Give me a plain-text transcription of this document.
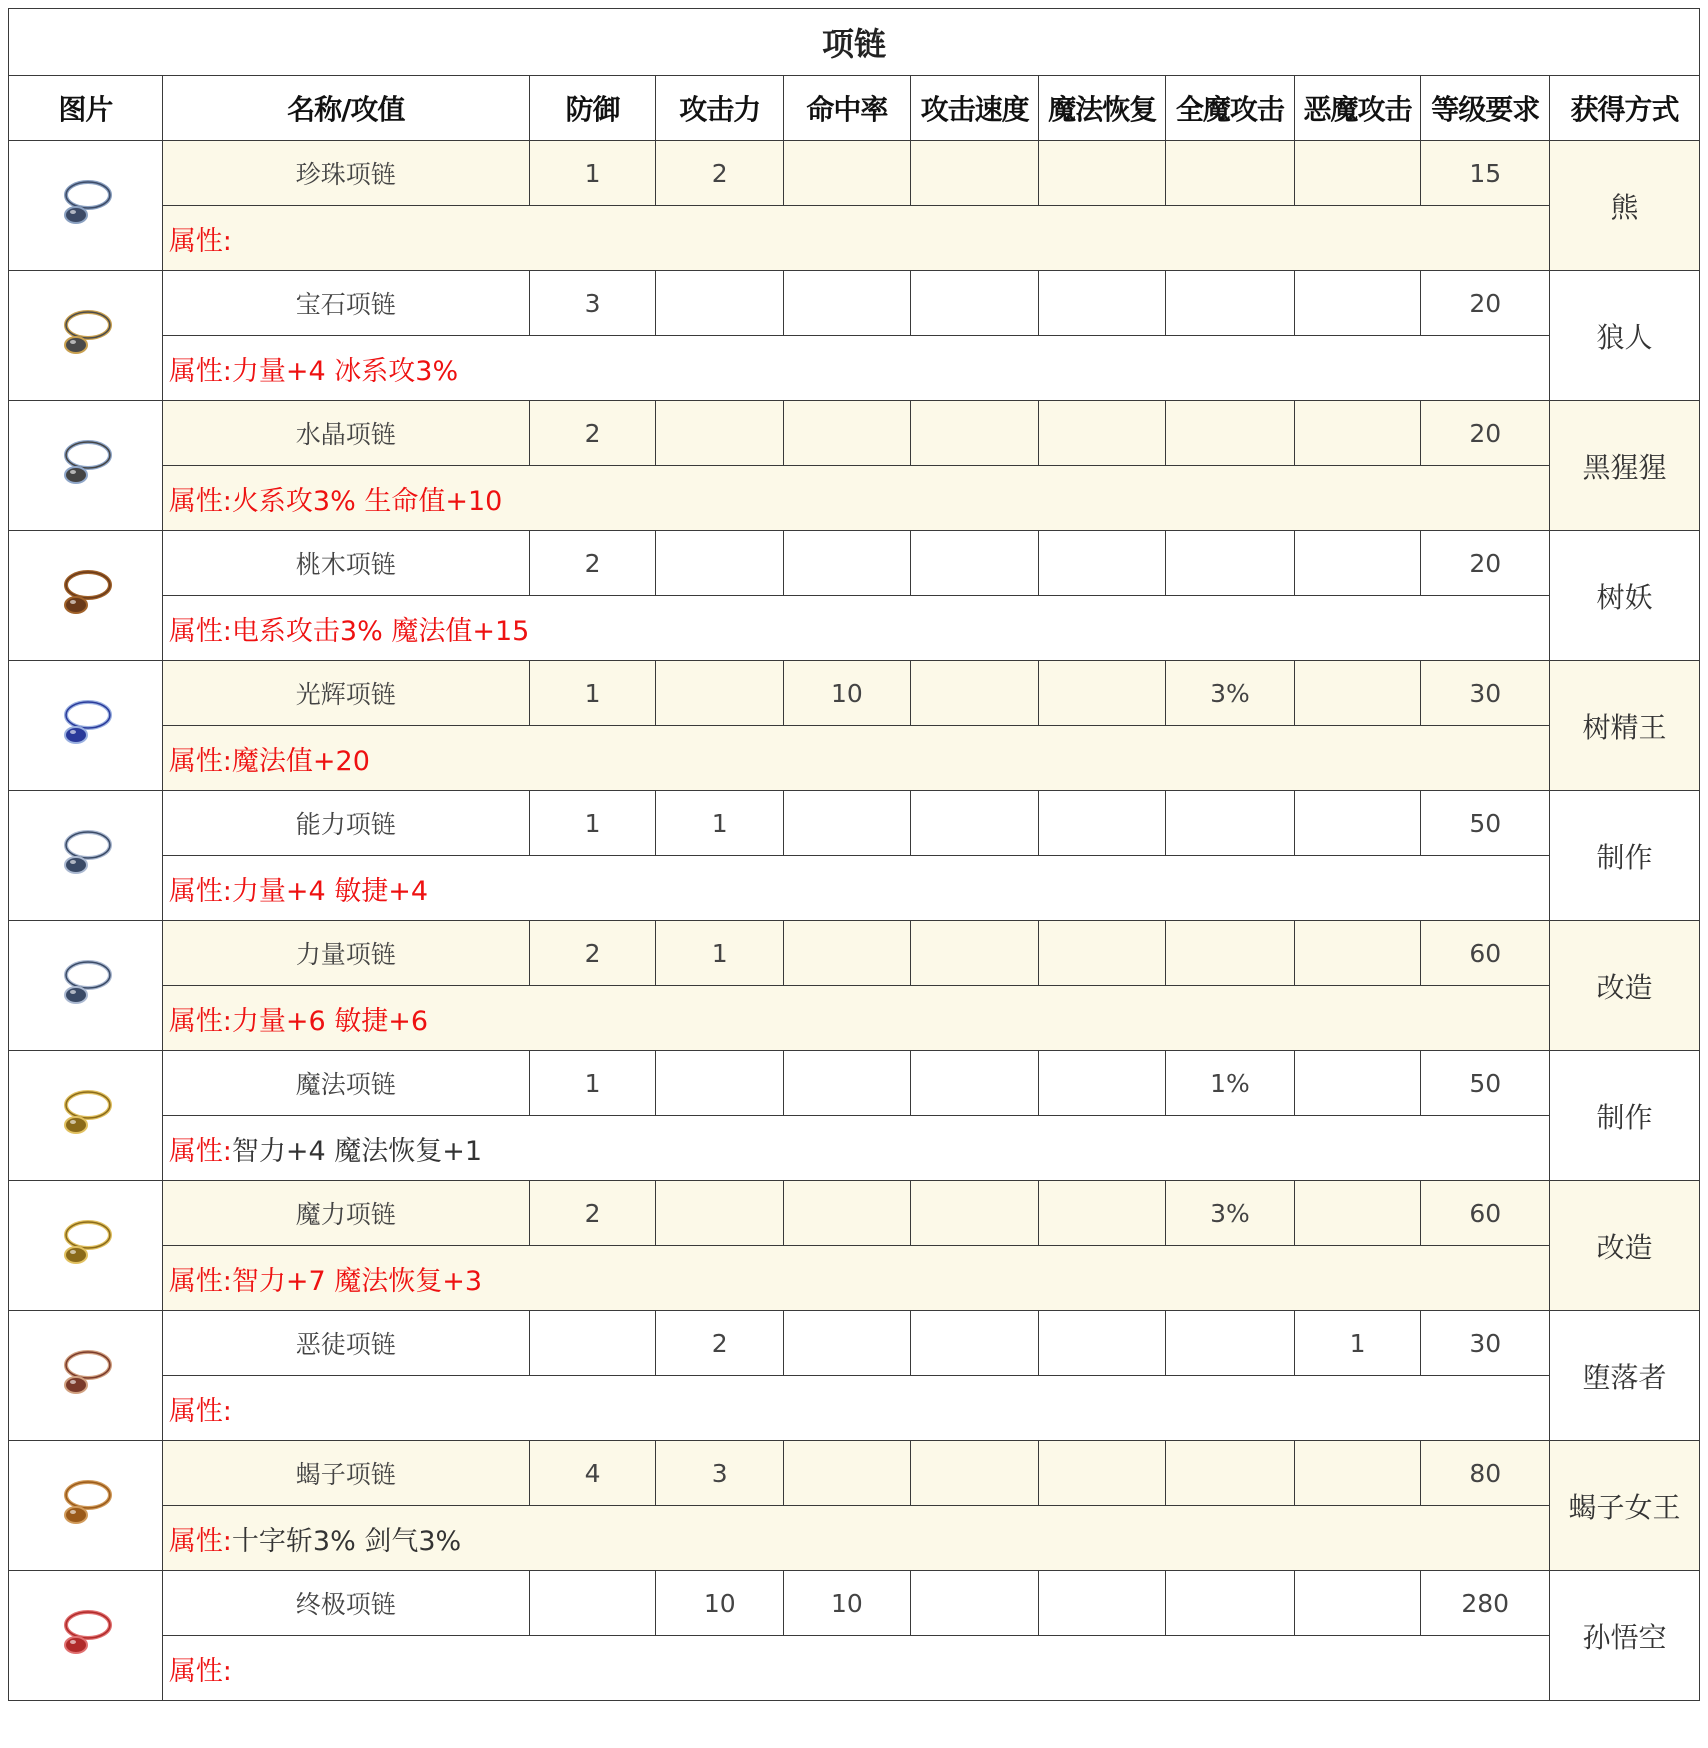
项链										
图片	名称/攻值	防御	攻击力	命中率	攻击速度	魔法恢复	全魔攻击	恶魔攻击	等级要求	获得方式

	珍珠项链	1	2						15	熊
	属性:									

	宝石项链	3							20	狼人
	属性:力量+4 冰系攻3%									

	水晶项链	2							20	黑猩猩
	属性:火系攻3% 生命值+10									

	桃木项链	2							20	树妖
	属性:电系攻击3% 魔法值+15									

	光辉项链	1		10			3%		30	树精王
	属性:魔法值+20									

	能力项链	1	1						50	制作
	属性:力量+4 敏捷+4									

	力量项链	2	1						60	改造
	属性:力量+6 敏捷+6									

	魔法项链	1					1%		50	制作
	属性:智力+4 魔法恢复+1									

	魔力项链	2					3%		60	改造
	属性:智力+7 魔法恢复+3									

	恶徒项链		2					1	30	堕落者
	属性:									

	蝎子项链	4	3						80	蝎子女王
	属性:十字斩3% 剑气3%									

	终极项链		10	10					280	孙悟空
	属性:									
